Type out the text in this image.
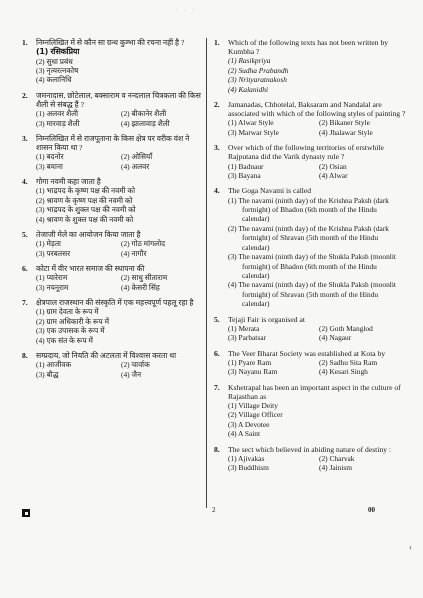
· · ·
1. निम्नलिखित में से कौन सा ग्रन्थ कुम्भा की रचना नहीं है ?
(1) रसिकप्रिया
(2) सुधा प्रबंध
(3) नृत्यरत्नकोष
(4) कलानिधि
2. जमनादास, छोटेलाल, बक्साराम व नन्दलाल चित्रकला की किस शैली से संबद्ध हैं ?
(1) अलवर शैली	(2) बीकानेर शैली
(3) मारवाड़ शैली	(4) झालावाड़ शैली
3. निम्नलिखित में से राजपूताना के किस क्षेत्र पर वरीक वंश ने शासन किया था ?
(1) बदनोर	(2) ओसियाँ
(3) बयाना	(4) अलवर
4. गोगा नवमी कहा जाता है
(1) भाद्रपद के कृष्ण पक्ष की नवमी को
(2) श्रावण के कृष्ण पक्ष की नवमी को
(3) भाद्रपद के शुक्ल पक्ष की नवमी को
(4) श्रावण के शुक्ल पक्ष की नवमी को
5. तेजाजी मेले का आयोजन किया जाता है
(1) मेड़ता	(2) गोठ मांगलोद
(3) परबतसर	(4) नागौर
6. कोटा में वीर भारत समाज की स्थापना की
(1) प्यारेराम	(2) साधु सीताराम
(3) नयनूराम	(4) केसरी सिंह
7. क्षेत्रपाल राजस्थान की संस्कृति में एक महत्त्वपूर्ण पहलू रहा है
(1) ग्राम देवता के रूप में
(2) ग्राम अधिकारी के रूप में
(3) एक उपासक के रूप में
(4) एक संत के रूप में
8. सम्प्रदाय, जो नियति की अटलता में विश्वास करता था
(1) आजीवक	(2) चार्वाक
(3) बौद्ध	(4) जैन
1. Which of the following texts has not been written by Kumbha ?
(1) Rasikpriya
(2) Sudha Prabandh
(3) Nrityaratnakosh
(4) Kalanidhi
2. Jamanadas, Chhotelal, Baksaram and Nandalal are associated with which of the following styles of painting ?
(1) Alwar Style	(2) Bikaner Style
(3) Marwar Style	(4) Jhalawar Style
3. Over which of the following territories of erstwhile Rajputana did the Varik dynasty rule ?
(1) Badnaur	(2) Osian
(3) Bayana	(4) Alwar
4. The Goga Navami is called
(1) The navami (ninth day) of the Krishna Paksh (dark fortnight) of Bhadon (6th month of the Hindu calendar)
(2) The navami (ninth day) of the Krishna Paksh (dark fortnight) of Shravan (5th month of the Hindu calendar)
(3) The navami (ninth day) of the Shukla Paksh (moonlit fortnight) of Bhadon (6th month of the Hindu calendar)
(4) The navami (ninth day) of the Shukla Paksh (moonlit fortnight) of Shravan (5th month of the Hindu calendar)
5. Tejaji Fair is organised at
(1) Merata	(2) Goth Manglod
(3) Parbatsar	(4) Nagaur
6. The Veer Bharat Society was established at Kota by
(1) Pyare Ram	(2) Sadhu Sita Ram
(3) Nayanu Ram	(4) Kesari Singh
7. Kshetrapal has been an important aspect in the culture of Rajasthan as
(1) Village Deity
(2) Village Officer
(3) A Devotee
(4) A Saint
8. The sect which believed in abiding nature of destiny :
(1) Ajivakas	(2) Charvak
(3) Buddhism	(4) Jainism
2	00
‹
